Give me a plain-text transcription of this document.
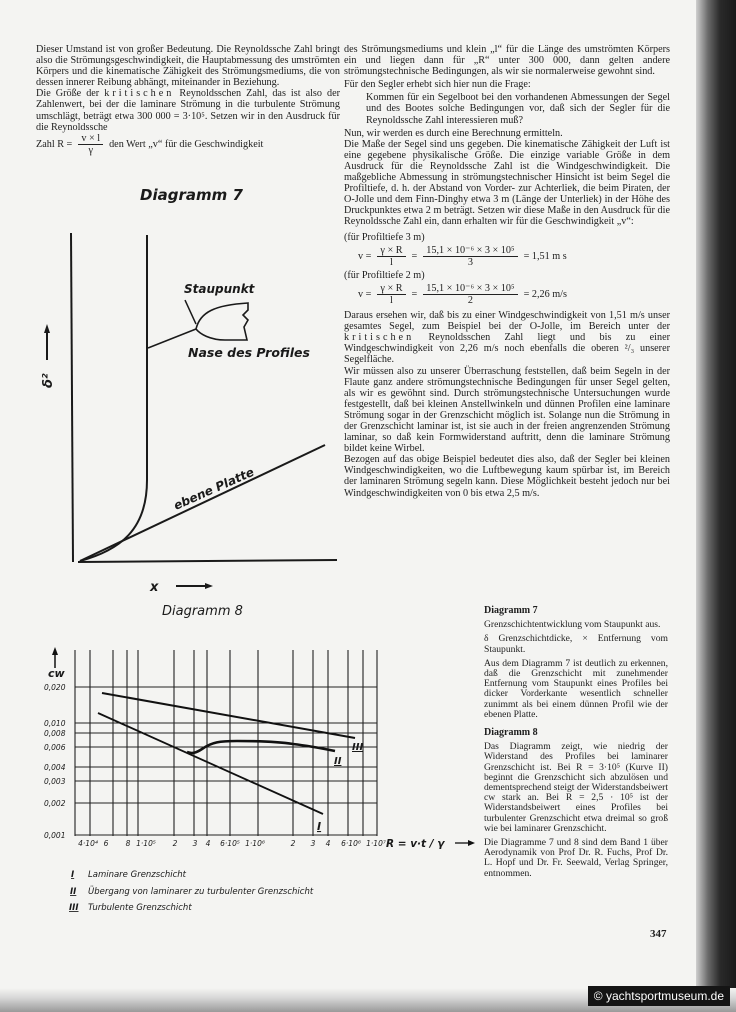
Dieser Umstand ist von großer Bedeutung. Die Reynoldssche Zahl bringt also die Strömungsgeschwindigkeit, die Hauptabmessung des umströmten Körpers und die kinematische Zähigkeit des Strömungsmediums, die von dessen innerer Reibung abhängt, miteinander in Beziehung.

Die Größe der kritischen Reynoldsschen Zahl, das ist also der Zahlenwert, bei der die laminare Strömung in die turbulente Strömung umschlägt, beträgt etwa 300 000 = 3·10⁵. Setzen wir in den Ausdruck für die Reynoldssche

Zahl $R = \frac{v \times l}{\gamma}$ den Wert „v“ für die Geschwindigkeit

des Strömungsmediums und klein „l“ für die Länge des umströmten Körpers ein und liegen dann für „R“ unter 300 000, dann gelten andere strömungstechnische Bedingungen, als wir sie normalerweise gewohnt sind.

Für den Segler erhebt sich hier nun die Frage:

Kommen für ein Segelboot bei den vorhandenen Abmessungen der Segel und des Bootes solche Bedingungen vor, daß sich der Segler für die Reynoldssche Zahl interessieren muß?

Nun, wir werden es durch eine Berechnung ermitteln.

Die Maße der Segel sind uns gegeben. Die kinematische Zähigkeit der Luft ist eine gegebene physikalische Größe. Die einzige variable Größe in dem Ausdruck für die Reynoldssche Zahl ist die Windgeschwindigkeit. Die maßgebliche Abmessung in strömungstechnischer Hinsicht ist beim Segel die Profiltiefe, d. h. der Abstand von Vorder- zur Achterliek, die beim Piraten, der O-Jolle und dem Finn-Dinghy etwa 3 m (Länge der Unterliek) in der Höhe des Druckpunktes etwa 2 m beträgt. Setzen wir diese Maße in den Ausdruck für die Reynoldssche Zahl ein, dann erhalten wir für die Geschwindigkeit „v“:

(für Profiltiefe 3 m)

$v = \frac{\gamma \times R}{l} = \frac{\text{15,1 × 10⁻⁶ × 3 × 10⁵}}{3} = 1,51$ m s

(für Profiltiefe 2 m)

$v = \frac{\gamma \times R}{l} = \frac{\text{15,1 × 10⁻⁶ × 3 × 10⁵}}{2} = 2,26$ m/s

Daraus ersehen wir, daß bis zu einer Windgeschwindigkeit von 1,51 m/s unser gesamtes Segel, zum Beispiel bei der O-Jolle, im Bereich unter der kritischen Reynoldsschen Zahl liegt und bis zu einer Windgeschwindigkeit von 2,26 m/s noch ebenfalls die oberen ²/₃ unserer Segelfläche.

Wir müssen also zu unserer Überraschung feststellen, daß beim Segeln in der Flaute ganz andere strömungstechnische Bedingungen für unser Segel gelten, als wir es gewöhnt sind. Durch strömungstechnische Untersuchungen wurde festgestellt, daß bei kleinen Anstellwinkeln und dünnen Profilen eine laminare Strömung sogar in der Grenzschicht möglich ist. Solange nun die Strömung in der Grenzschicht laminar ist, ist sie auch in der freien angrenzenden Strömung laminar, so daß kein Formwiderstand auftritt, denn die laminare Strömung bildet keine Wirbel.

Bezogen auf das obige Beispiel bedeutet dies also, daß der Segler bei kleinen Windgeschwindigkeiten, wo die Luftbewegung kaum spürbar ist, im Bereich der laminaren Strömung segeln kann. Diese Möglichkeit besteht jedoch nur bei Windgeschwindigkeiten von 0 bis etwa 2,5 m/s.

Diagramm 7

Grenzschichtentwicklung vom Staupunkt aus.

δ Grenzschichtdicke, × Entfernung vom Staupunkt.

Aus dem Diagramm 7 ist deutlich zu erkennen, daß die Grenzschicht mit zunehmender Entfernung vom Staupunkt eines Profiles bei dicker Vorderkante wesentlich schneller zunimmt als bei einem dünnen Profil wie der ebenen Platte.

Diagramm 8

Das Diagramm zeigt, wie niedrig der Widerstand des Profiles bei laminarer Grenzschicht ist. Bei R = 3·10⁵ (Kurve II) beginnt die Grenzschicht sich abzulösen und dementsprechend steigt der Widerstandsbeiwert cw stark an. Bei R = 2,5 · 10⁵ ist der Widerstandsbeiwert eines Profiles bei turbulenter Grenzschicht etwa dreimal so groß wie bei laminarer Grenzschicht.

Die Diagramme 7 und 8 sind dem Band 1 über Aerodynamik von Prof Dr. R. Fuchs, Prof Dr. L. Hopf und Dr. Fr. Seewald, Verlag Springer, entnommen.

347
© yachtsportmuseum.de
Diagramm 7
Staupunkt
Nase des Profiles
ebene Platte
δ²
x
Diagramm 8
0,020
0,010
0,008
0,006
0,004
0,003
0,002
0,001
4·10⁴ 6 8 1·10⁵ 2 3 4 6·10⁵ 1·10⁶	2 3 4 6·10⁶ 1·10⁷
I
II
III
cw
R = v·t / γ
I Laminare Grenzschicht
II Übergang von laminarer zu turbulenter Grenzschicht
III Turbulente Grenzschicht
